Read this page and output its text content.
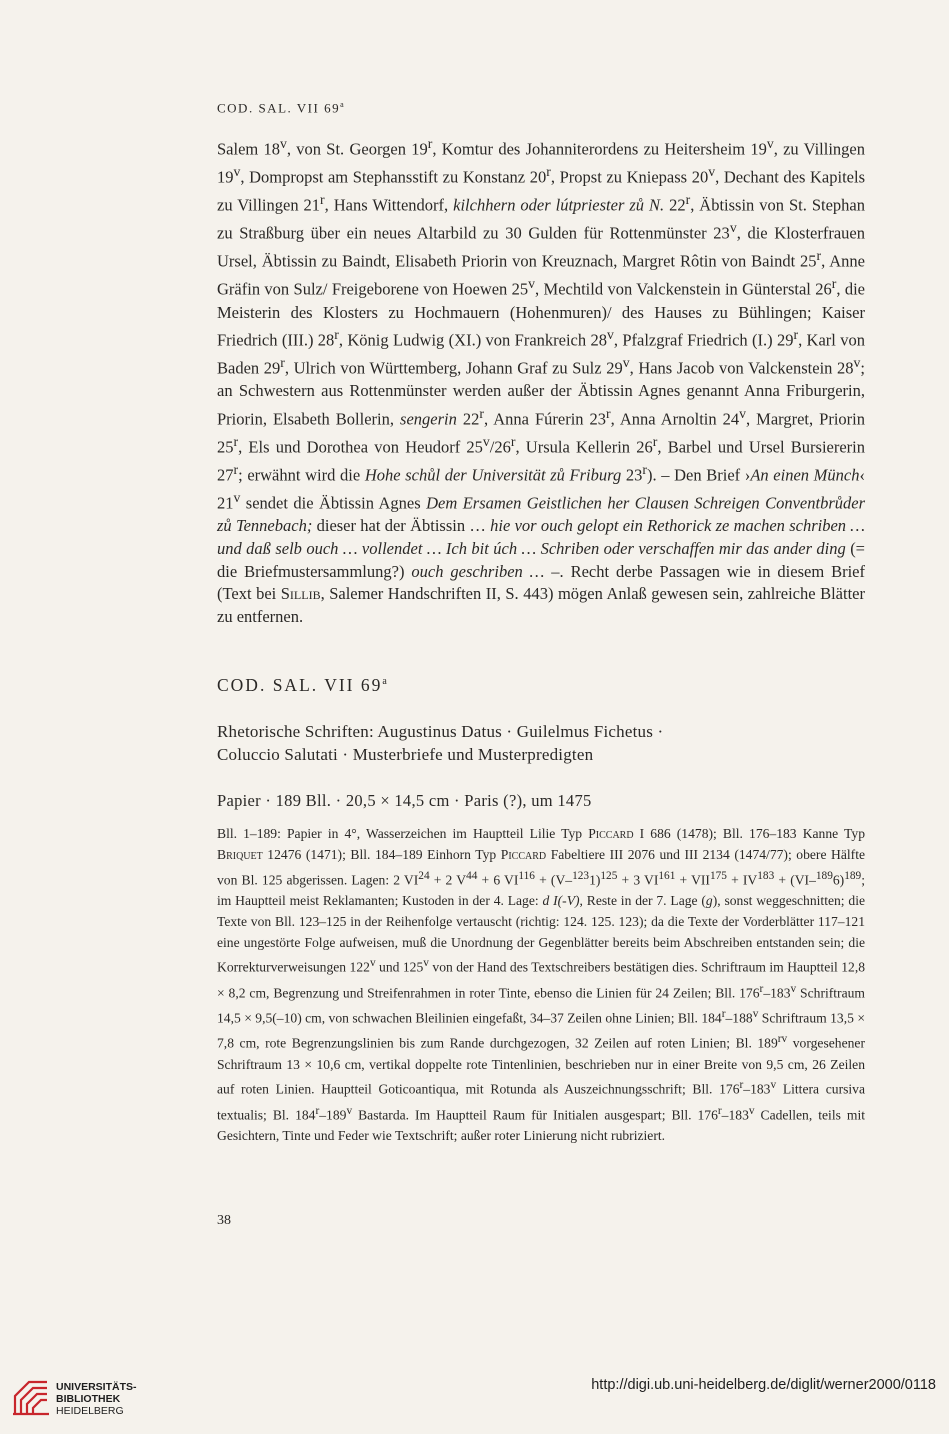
COD. SAL. VII 69$^a$

Salem 18$^v$, von St. Georgen 19$^r$, Komtur des Johanniterordens zu Heitersheim 19$^v$, zu Villingen 19$^v$, Dompropst am Stephansstift zu Konstanz 20$^r$, Propst zu Kniepass 20$^v$, Dechant des Kapitels zu Villingen 21$^r$, Hans Wittendorf, kilchhern oder lútpriester zů N. 22$^r$, Äbtissin von St. Stephan zu Straßburg über ein neues Altarbild zu 30 Gulden für Rottenmünster 23$^v$, die Klosterfrauen Ursel, Äbtissin zu Baindt, Elisabeth Priorin von Kreuznach, Margret Rôtin von Baindt 25$^r$, Anne Gräfin von Sulz/ Freigeborene von Hoewen 25$^v$, Mechtild von Valckenstein in Günterstal 26$^r$, die Meisterin des Klosters zu Hochmauern (Hohenmuren)/ des Hauses zu Bühlingen; Kaiser Friedrich (III.) 28$^r$, König Ludwig (XI.) von Frankreich 28$^v$, Pfalzgraf Friedrich (I.) 29$^r$, Karl von Baden 29$^r$, Ulrich von Württemberg, Johann Graf zu Sulz 29$^v$, Hans Jacob von Valckenstein 28$^v$; an Schwestern aus Rottenmünster werden außer der Äbtissin Agnes genannt Anna Friburgerin, Priorin, Elsabeth Bollerin, sengerin 22$^r$, Anna Fúrerin 23$^r$, Anna Arnoltin 24$^v$, Margret, Priorin 25$^r$, Els und Dorothea von Heudorf 25$^v$/26$^r$, Ursula Kellerin 26$^r$, Barbel und Ursel Bursiererin 27$^r$; erwähnt wird die Hohe schůl der Universität zů Friburg 23$^r$). – Den Brief ›An einen Münch‹ 21$^v$ sendet die Äbtissin Agnes Dem Ersamen Geistlichen her Clausen Schreigen Conventbrůder zů Tennebach; dieser hat der Äbtissin … hie vor ouch gelopt ein Rethorick ze machen schriben … und daß selb ouch … vollendet … Ich bit úch … Schriben oder verschaffen mir das ander ding (= die Briefmustersammlung?) ouch geschriben … –. Recht derbe Passagen wie in diesem Brief (Text bei Sillib, Salemer Handschriften II, S. 443) mögen Anlaß gewesen sein, zahlreiche Blätter zu entfernen.

COD. SAL. VII 69$^a$
Rhetorische Schriften: Augustinus Datus · Guilelmus Fichetus ·
Coluccio Salutati · Musterbriefe und Musterpredigten
Papier · 189 Bll. · 20,5 × 14,5 cm · Paris (?), um 1475

Bll. 1–189: Papier in 4°, Wasserzeichen im Hauptteil Lilie Typ Piccard I 686 (1478); Bll. 176–183 Kanne Typ Briquet 12476 (1471); Bll. 184–189 Einhorn Typ Piccard Fabeltiere III 2076 und III 2134 (1474/77); obere Hälfte von Bl. 125 abgerissen. Lagen: 2 $VI^{24} + 2$ $V^{44} + 6$ $VI^{116} + (V-^{123}1)^{125} + 3$ $VI^{161} + VII^{175} + IV^{183} + (VI-^{189}6)^{189}$; im Hauptteil meist Reklamanten; Kustoden in der 4. Lage: d I(-V), Reste in der 7. Lage (g), sonst weggeschnitten; die Texte von Bll. 123–125 in der Reihenfolge vertauscht (richtig: 124. 125. 123); da die Texte der Vorderblätter 117–121 eine ungestörte Folge aufweisen, muß die Unordnung der Gegenblätter bereits beim Abschreiben entstanden sein; die Korrekturverweisungen 122$^v$ und 125$^v$ von der Hand des Textschreibers bestätigen dies. Schriftraum im Hauptteil 12,8 × 8,2 cm, Begrenzung und Streifenrahmen in roter Tinte, ebenso die Linien für 24 Zeilen; Bll. 176$^r$–183$^v$ Schriftraum 14,5 × 9,5(–10) cm, von schwachen Bleilinien eingefaßt, 34–37 Zeilen ohne Linien; Bll. 184$^r$–188$^v$ Schriftraum 13,5 × 7,8 cm, rote Begrenzungslinien bis zum Rande durchgezogen, 32 Zeilen auf roten Linien; Bl. $189^{rv}$ vorgesehener Schriftraum 13 × 10,6 cm, vertikal doppelte rote Tintenlinien, beschrieben nur in einer Breite von 9,5 cm, 26 Zeilen auf roten Linien. Hauptteil Goticoantiqua, mit Rotunda als Auszeichnungsschrift; Bll. 176$^r$–183$^v$ Littera cursiva textualis; Bl. 184$^r$–189$^v$ Bastarda. Im Hauptteil Raum für Initialen ausgespart; Bll. 176$^r$–183$^v$ Cadellen, teils mit Gesichtern, Tinte und Feder wie Textschrift; außer roter Linierung nicht rubriziert.

38
UNIVERSITÄTS-
BIBLIOTHEK
HEIDELBERG
http://digi.ub.uni-heidelberg.de/diglit/werner2000/0118
